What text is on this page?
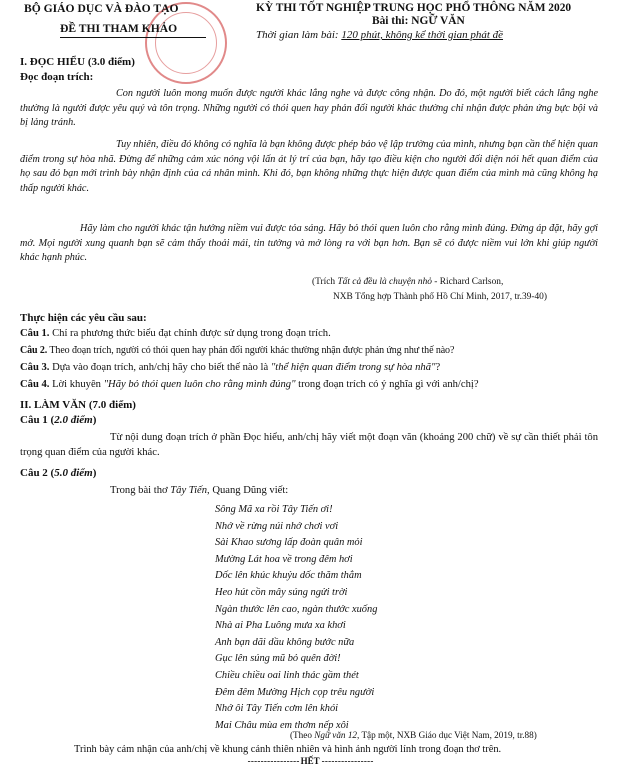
BỘ GIÁO DỤC VÀ ĐÀO TẠO
ĐỀ THI THAM KHẢO
KỲ THI TỐT NGHIỆP TRUNG HỌC PHỔ THÔNG NĂM 2020
Bài thi: NGỮ VĂN
Thời gian làm bài: 120 phút, không kể thời gian phát đề
I. ĐỌC HIỂU (3.0 điểm)
Đọc đoạn trích:
Con người luôn mong muốn được người khác lắng nghe và được công nhận. Do đó, một người biết cách lắng nghe thường là người được yêu quý và tôn trọng. Những người có thói quen hay phản đối người khác thường chỉ nhận được phản ứng bực bội và bị lảng tránh.
Tuy nhiên, điều đó không có nghĩa là bạn không được phép bảo vệ lập trường của mình, nhưng bạn cần thể hiện quan điểm trong sự hòa nhã. Đừng để những cảm xúc nóng vội lấn át lý trí của bạn, hãy tạo điều kiện cho người đối diện nói hết quan điểm của họ sau đó bạn mới trình bày nhận định của cá nhân mình. Khi đó, bạn không những thực hiện được quan điểm của mình mà cũng không hạ thấp người khác.
Hãy làm cho người khác tận hưởng niềm vui được tỏa sáng. Hãy bỏ thói quen luôn cho rằng mình đúng. Đừng áp đặt, hãy gợi mở. Mọi người xung quanh bạn sẽ cảm thấy thoải mái, tin tưởng và mở lòng ra với bạn hơn. Bạn sẽ có được niềm vui lớn khi giúp người khác hạnh phúc.
(Trích Tất cả đều là chuyện nhỏ - Richard Carlson,
NXB Tổng hợp Thành phố Hồ Chí Minh, 2017, tr.39-40)
Thực hiện các yêu cầu sau:
Câu 1. Chỉ ra phương thức biểu đạt chính được sử dụng trong đoạn trích.
Câu 2. Theo đoạn trích, người có thói quen hay phản đối người khác thường nhận được phản ứng như thế nào?
Câu 3. Dựa vào đoạn trích, anh/chị hãy cho biết thế nào là "thể hiện quan điểm trong sự hòa nhã"?
Câu 4. Lời khuyên "Hãy bỏ thói quen luôn cho rằng mình đúng" trong đoạn trích có ý nghĩa gì với anh/chị?
II. LÀM VĂN (7.0 điểm)
Câu 1 (2.0 điểm)
Từ nội dung đoạn trích ở phần Đọc hiểu, anh/chị hãy viết một đoạn văn (khoảng 200 chữ) về sự cần thiết phải tôn trọng quan điểm của người khác.
Câu 2 (5.0 điểm)
Trong bài thơ Tây Tiến, Quang Dũng viết:
Sông Mã xa rồi Tây Tiến ơi!
Nhớ về rừng núi nhớ chơi vơi
Sài Khao sương lấp đoàn quân mỏi
Mường Lát hoa về trong đêm hơi
Dốc lên khúc khuỷu dốc thăm thẳm
Heo hút cồn mây súng ngửi trời
Ngàn thước lên cao, ngàn thước xuống
Nhà ai Pha Luông mưa xa khơi
Anh bạn dãi dầu không bước nữa
Gục lên súng mũ bỏ quên đời!
Chiều chiều oai linh thác gầm thét
Đêm đêm Mường Hịch cọp trêu người
Nhớ ôi Tây Tiến cơm lên khói
Mai Châu mùa em thơm nếp xôi
(Theo Ngữ văn 12, Tập một, NXB Giáo dục Việt Nam, 2019, tr.88)
Trình bày cảm nhận của anh/chị về khung cảnh thiên nhiên và hình ảnh người lính trong đoạn thơ trên.
- - - - - - - - - - - - - - - - HẾT - - - - - - - - - - - - - - - -
